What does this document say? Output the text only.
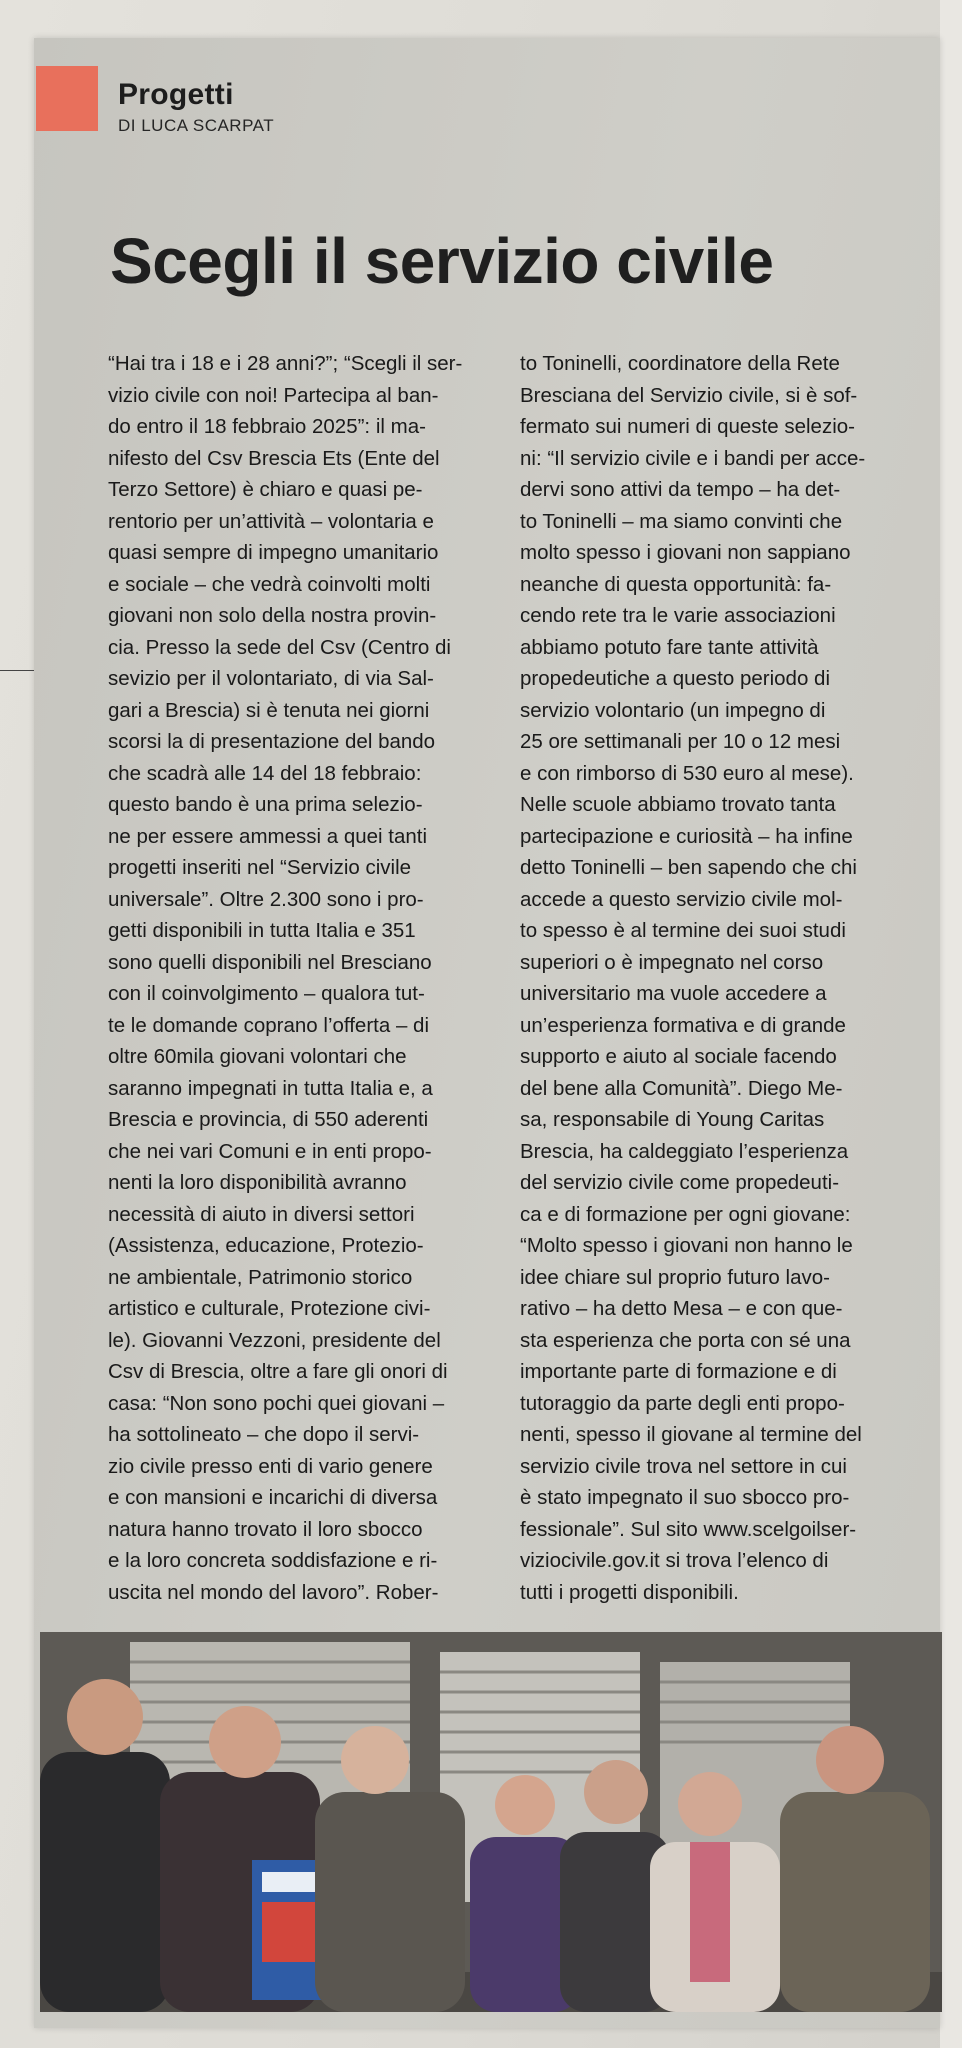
Progetti
DI LUCA SCARPAT
Scegli il servizio civile
“Hai tra i 18 e i 28 anni?”; “Scegli il ser-
vizio civile con noi! Partecipa al ban-
do entro il 18 febbraio 2025”: il ma-
nifesto del Csv Brescia Ets (Ente del
Terzo Settore) è chiaro e quasi pe-
rentorio per un’attività – volontaria e
quasi sempre di impegno umanitario
e sociale – che vedrà coinvolti molti
giovani non solo della nostra provin-
cia. Presso la sede del Csv (Centro di
sevizio per il volontariato, di via Sal-
gari a Brescia) si è tenuta nei giorni
scorsi la di presentazione del bando
che scadrà alle 14 del 18 febbraio:
questo bando è una prima selezio-
ne per essere ammessi a quei tanti
progetti inseriti nel “Servizio civile
universale”. Oltre 2.300 sono i pro-
getti disponibili in tutta Italia e 351
sono quelli disponibili nel Bresciano
con il coinvolgimento – qualora tut-
te le domande coprano l’offerta – di
oltre 60mila giovani volontari che
saranno impegnati in tutta Italia e, a
Brescia e provincia, di 550 aderenti
che nei vari Comuni e in enti propo-
nenti la loro disponibilità avranno
necessità di aiuto in diversi settori
(Assistenza, educazione, Protezio-
ne ambientale, Patrimonio storico
artistico e culturale, Protezione civi-
le). Giovanni Vezzoni, presidente del
Csv di Brescia, oltre a fare gli onori di
casa: “Non sono pochi quei giovani –
ha sottolineato – che dopo il servi-
zio civile presso enti di vario genere
e con mansioni e incarichi di diversa
natura hanno trovato il loro sbocco
e la loro concreta soddisfazione e ri-
uscita nel mondo del lavoro”. Rober-
to Toninelli, coordinatore della Rete
Bresciana del Servizio civile, si è sof-
fermato sui numeri di queste selezio-
ni: “Il servizio civile e i bandi per acce-
dervi sono attivi da tempo – ha det-
to Toninelli – ma siamo convinti che
molto spesso i giovani non sappiano
neanche di questa opportunità: fa-
cendo rete tra le varie associazioni
abbiamo potuto fare tante attività
propedeutiche a questo periodo di
servizio volontario (un impegno di
25 ore settimanali per 10 o 12 mesi
e con rimborso di 530 euro al mese).
Nelle scuole abbiamo trovato tanta
partecipazione e curiosità – ha infine
detto Toninelli – ben sapendo che chi
accede a questo servizio civile mol-
to spesso è al termine dei suoi studi
superiori o è impegnato nel corso
universitario ma vuole accedere a
un’esperienza formativa e di grande
supporto e aiuto al sociale facendo
del bene alla Comunità”. Diego Me-
sa, responsabile di Young Caritas
Brescia, ha caldeggiato l’esperienza
del servizio civile come propedeuti-
ca e di formazione per ogni giovane:
“Molto spesso i giovani non hanno le
idee chiare sul proprio futuro lavo-
rativo – ha detto Mesa – e con que-
sta esperienza che porta con sé una
importante parte di formazione e di
tutoraggio da parte degli enti propo-
nenti, spesso il giovane al termine del
servizio civile trova nel settore in cui
è stato impegnato il suo sbocco pro-
fessionale”. Sul sito www.scelgoilser-
viziocivile.gov.it si trova l’elenco di
tutti i progetti disponibili.
